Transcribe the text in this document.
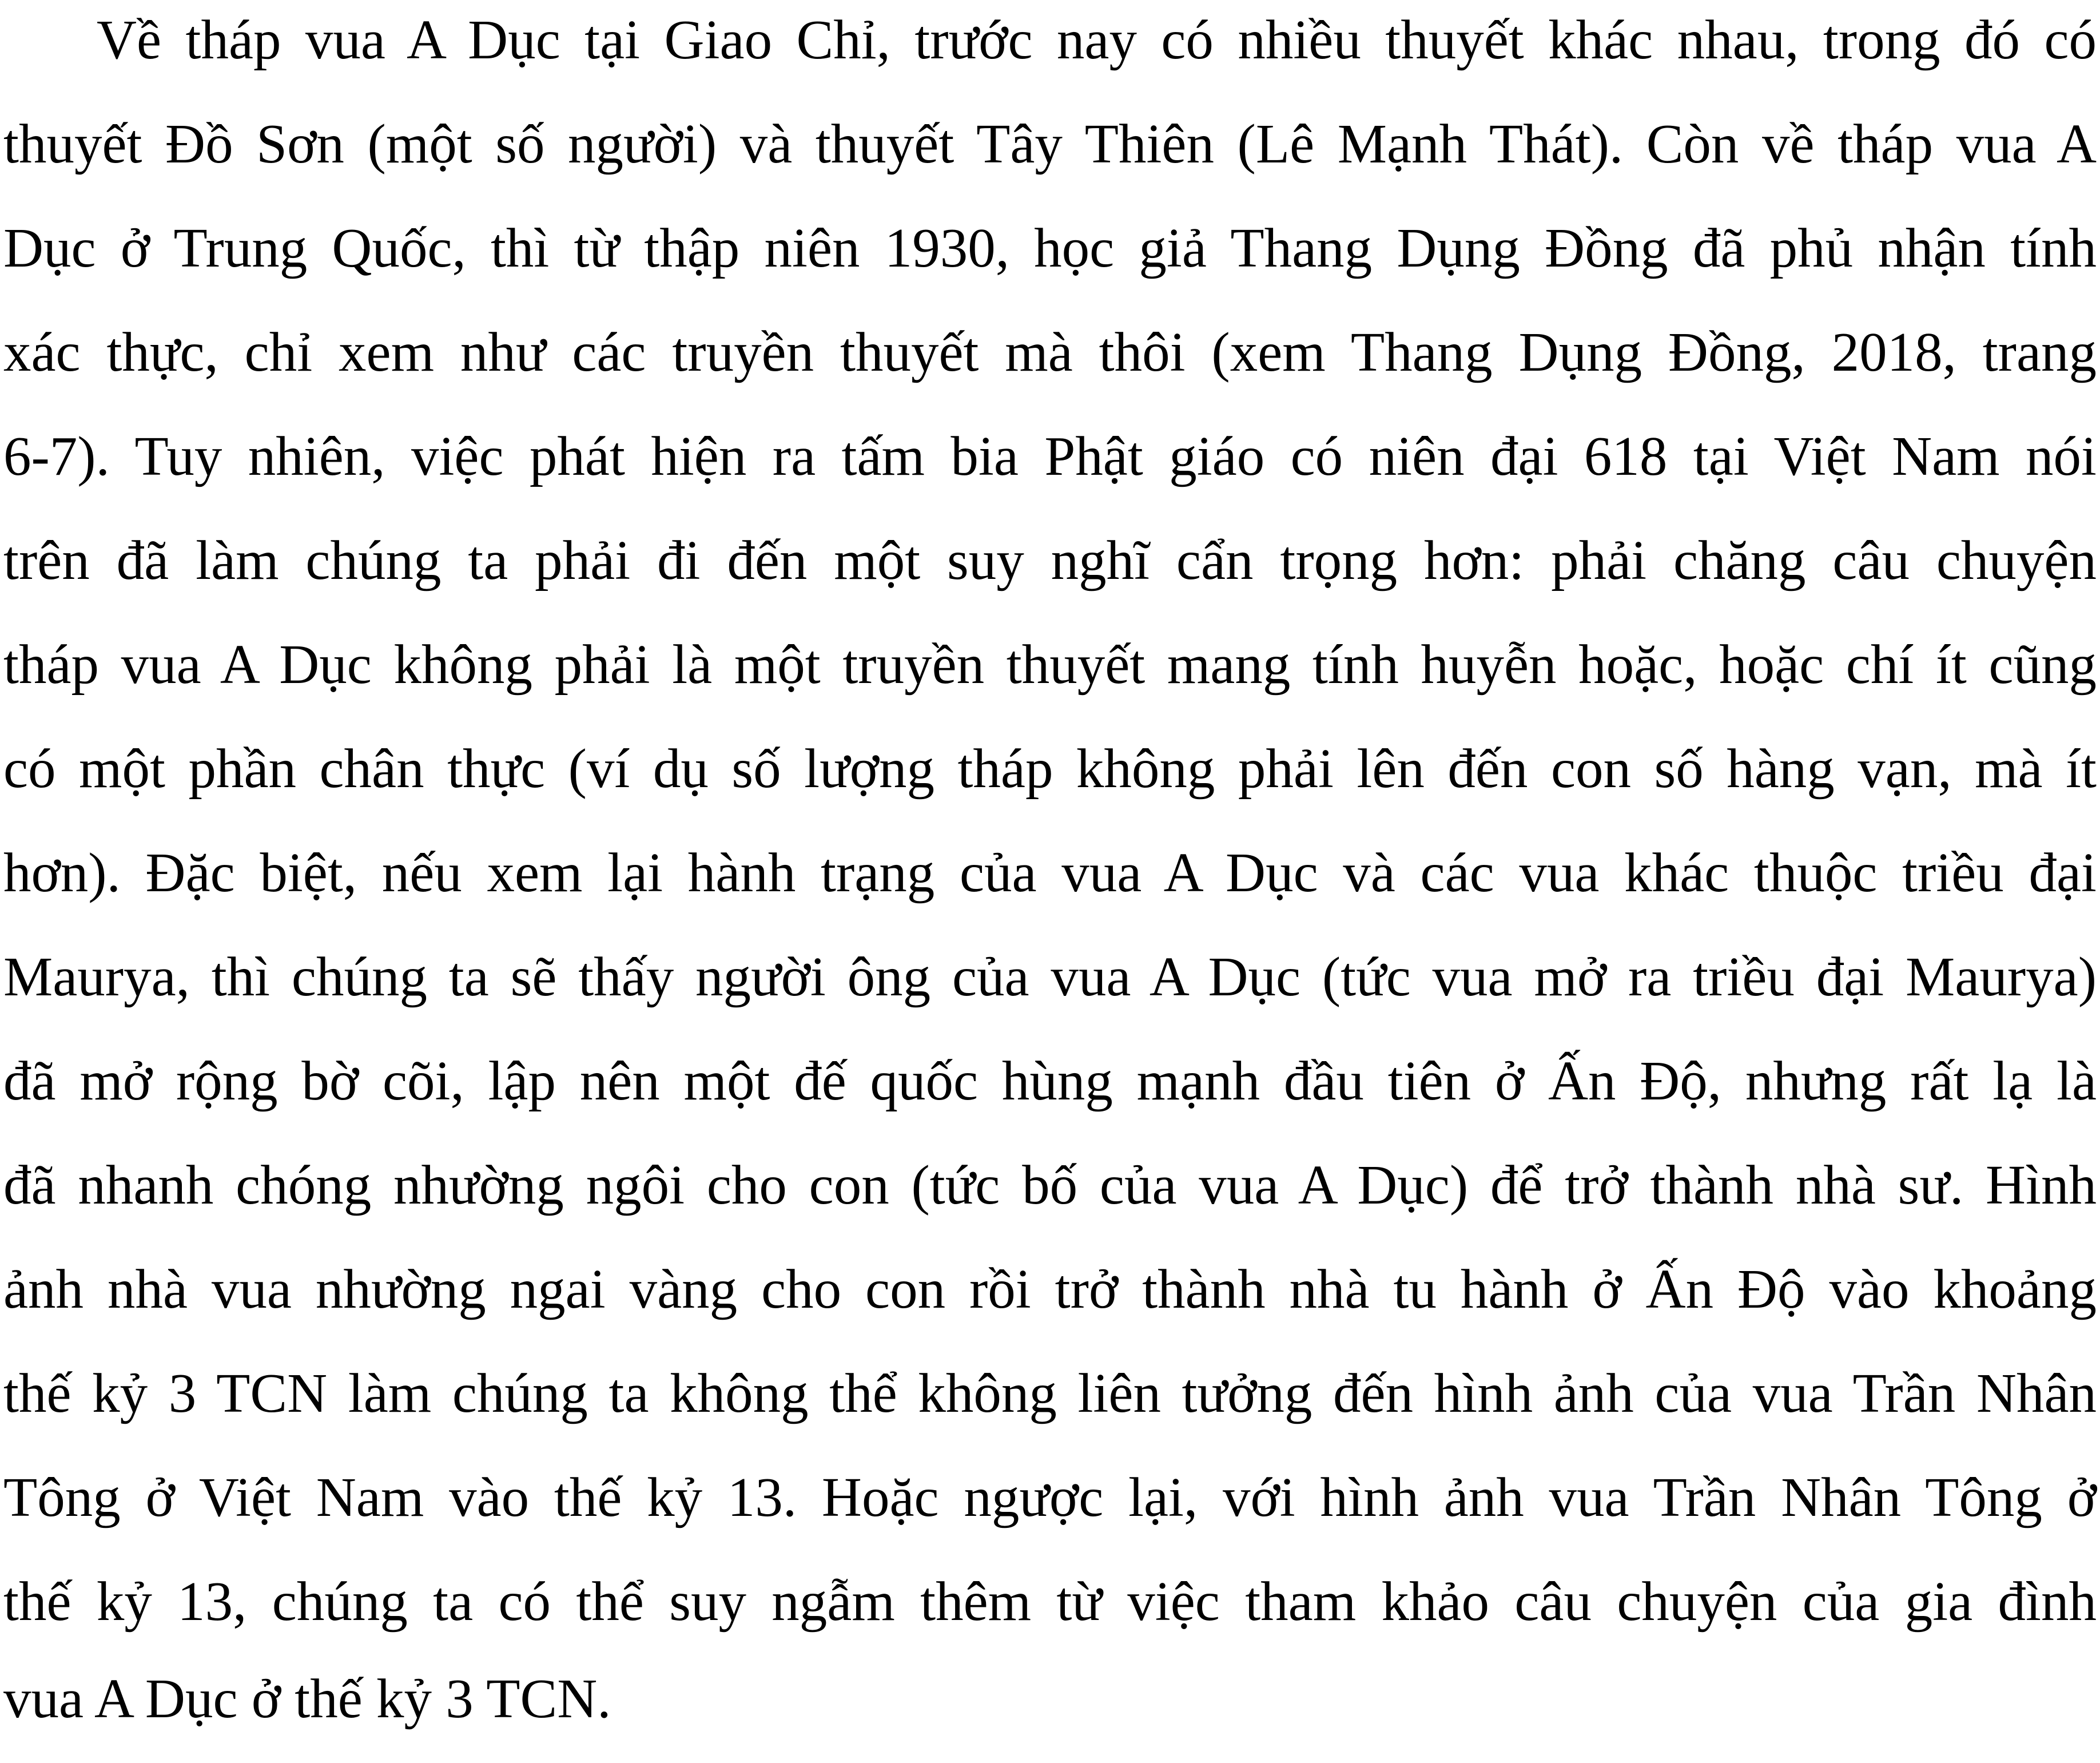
Về tháp vua A Dục tại Giao Chỉ, trước nay có nhiều thuyết khác nhau, trong đó có
thuyết Đồ Sơn (một số người) và thuyết Tây Thiên (Lê Mạnh Thát). Còn về tháp vua A
Dục ở Trung Quốc, thì từ thập niên 1930, học giả Thang Dụng Đồng đã phủ nhận tính
xác thực, chỉ xem như các truyền thuyết mà thôi (xem Thang Dụng Đồng, 2018, trang
6-7). Tuy nhiên, việc phát hiện ra tấm bia Phật giáo có niên đại 618 tại Việt Nam nói
trên đã làm chúng ta phải đi đến một suy nghĩ cẩn trọng hơn: phải chăng câu chuyện
tháp vua A Dục không phải là một truyền thuyết mang tính huyễn hoặc, hoặc chí ít cũng
có một phần chân thực (ví dụ số lượng tháp không phải lên đến con số hàng vạn, mà ít
hơn). Đặc biệt, nếu xem lại hành trạng của vua A Dục và các vua khác thuộc triều đại
Maurya, thì chúng ta sẽ thấy người ông của vua A Dục (tức vua mở ra triều đại Maurya)
đã mở rộng bờ cõi, lập nên một đế quốc hùng mạnh đầu tiên ở Ấn Độ, nhưng rất lạ là
đã nhanh chóng nhường ngôi cho con (tức bố của vua A Dục) để trở thành nhà sư. Hình
ảnh nhà vua nhường ngai vàng cho con rồi trở thành nhà tu hành ở Ấn Độ vào khoảng
thế kỷ 3 TCN làm chúng ta không thể không liên tưởng đến hình ảnh của vua Trần Nhân
Tông ở Việt Nam vào thế kỷ 13. Hoặc ngược lại, với hình ảnh vua Trần Nhân Tông ở
thế kỷ 13, chúng ta có thể suy ngẫm thêm từ việc tham khảo câu chuyện của gia đình
vua A Dục ở thế kỷ 3 TCN.
